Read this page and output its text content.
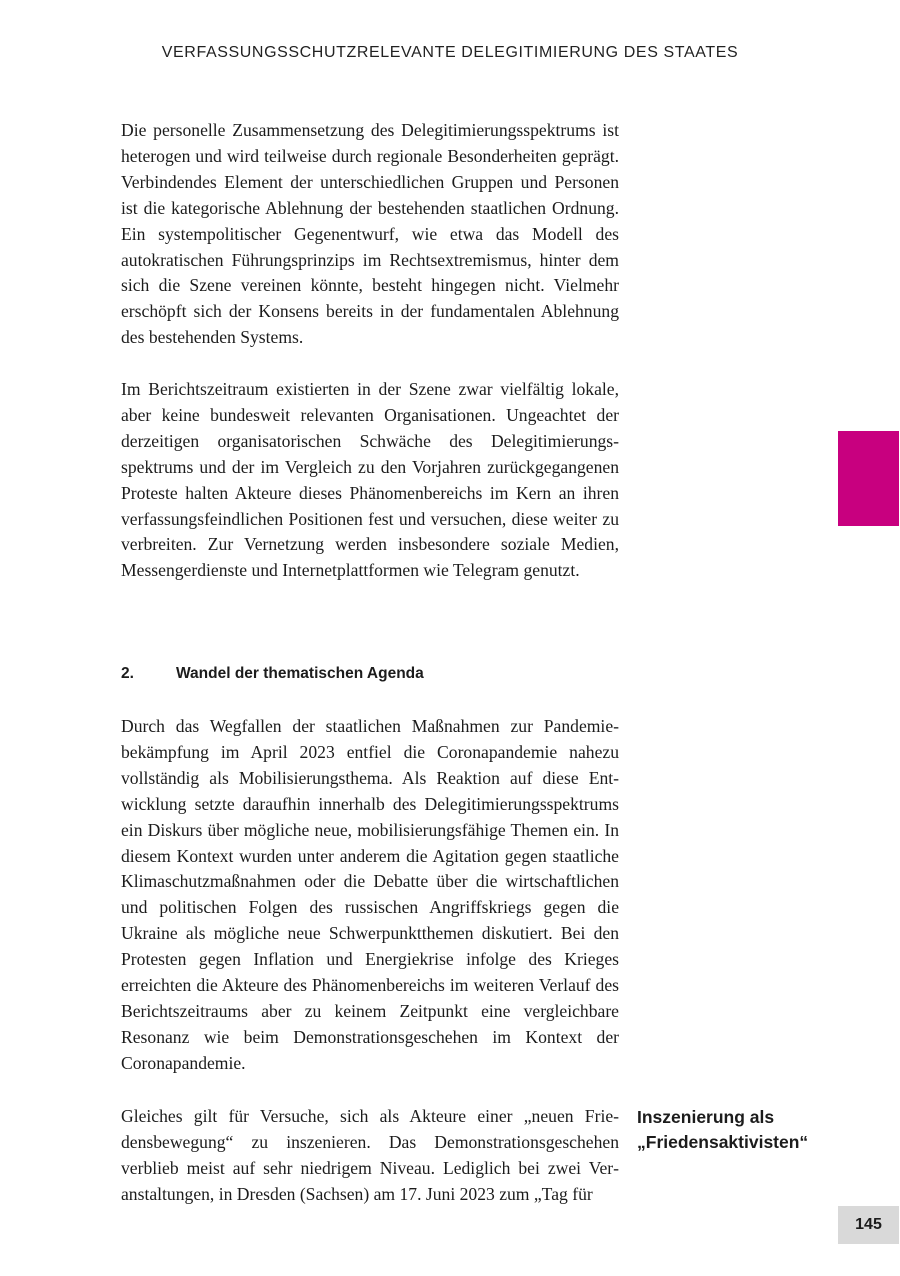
VERFASSUNGSSCHUTZRELEVANTE DELEGITIMIERUNG DES STAATES

Die personelle Zusammensetzung des Delegitimierungsspektrums ist heterogen und wird teilweise durch regionale Besonderheiten geprägt. Verbindendes Element der unterschiedlichen Gruppen und Personen ist die kategorische Ablehnung der bestehenden staatlichen Ordnung. Ein systempolitischer Gegenentwurf, wie etwa das Modell des autokratischen Führungsprinzips im Rechtsextremismus, hinter dem sich die Szene vereinen könnte, besteht hingegen nicht. Vielmehr erschöpft sich der Konsens bereits in der fundamentalen Ablehnung des bestehenden Systems.

Im Berichtszeitraum existierten in der Szene zwar vielfältig lokale, aber keine bundesweit relevanten Organisationen. Ungeachtet der derzeitigen organisatorischen Schwäche des Delegitimierungsspektrums und der im Vergleich zu den Vorjahren zurückgegangenen Proteste halten Akteure dieses Phänomenbereichs im Kern an ihren verfassungsfeindlichen Positionen fest und versuchen, diese weiter zu verbreiten. Zur Vernetzung werden insbesondere soziale Medien, Messengerdienste und Internetplattformen wie Telegram genutzt.

2.	Wandel der thematischen Agenda

Durch das Wegfallen der staatlichen Maßnahmen zur Pandemiebekämpfung im April 2023 entfiel die Coronapandemie nahezu vollständig als Mobilisierungsthema. Als Reaktion auf diese Entwicklung setzte daraufhin innerhalb des Delegitimierungsspektrums ein Diskurs über mögliche neue, mobilisierungsfähige Themen ein. In diesem Kontext wurden unter anderem die Agitation gegen staatliche Klimaschutzmaßnahmen oder die Debatte über die wirtschaftlichen und politischen Folgen des russischen Angriffskriegs gegen die Ukraine als mögliche neue Schwerpunktthemen diskutiert. Bei den Protesten gegen Inflation und Energiekrise infolge des Krieges erreichten die Akteure des Phänomenbereichs im weiteren Verlauf des Berichtszeitraums aber zu keinem Zeitpunkt eine vergleichbare Resonanz wie beim Demonstrationsgeschehen im Kontext der Coronapandemie.

Gleiches gilt für Versuche, sich als Akteure einer „neuen Friedensbewegung“ zu inszenieren. Das Demonstrationsgeschehen verblieb meist auf sehr niedrigem Niveau. Lediglich bei zwei Veranstaltungen, in Dresden (Sachsen) am 17. Juni 2023 zum „Tag für

Inszenierung als
„Friedensaktivisten“
145
